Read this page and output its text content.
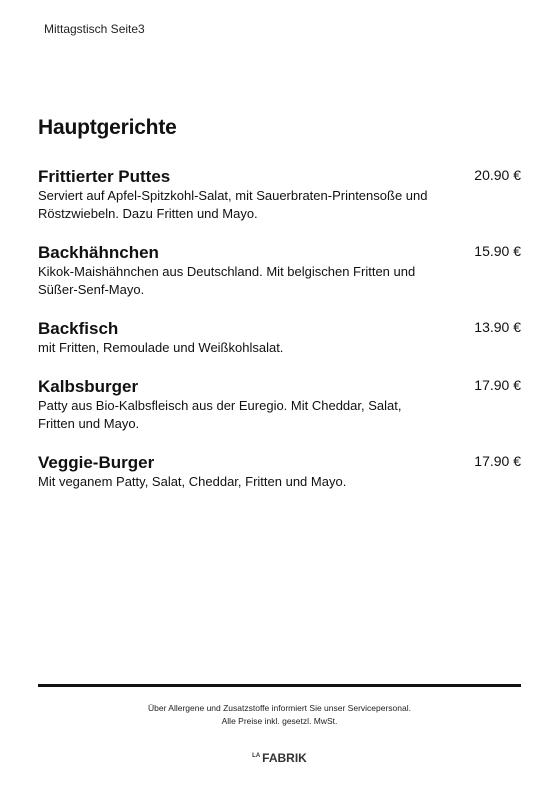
Mittagstisch Seite3
Hauptgerichte
Frittierter Puttes
Serviert auf Apfel-Spitzkohl-Salat, mit Sauerbraten-Printensoße und Röstzwiebeln. Dazu Fritten und Mayo.
20.90 €
Backhähnchen
Kikok-Maishähnchen aus Deutschland. Mit belgischen Fritten und Süßer-Senf-Mayo.
15.90 €
Backfisch
mit Fritten, Remoulade und Weißkohlsalat.
13.90 €
Kalbsburger
Patty aus Bio-Kalbsfleisch aus der Euregio. Mit Cheddar, Salat, Fritten und Mayo.
17.90 €
Veggie-Burger
Mit veganem Patty, Salat, Cheddar, Fritten und Mayo.
17.90 €
Über Allergene und Zusatzstoffe informiert Sie unser Servicepersonal.
Alle Preise inkl. gesetzl. MwSt.
$^{LA}$ FABRIK
